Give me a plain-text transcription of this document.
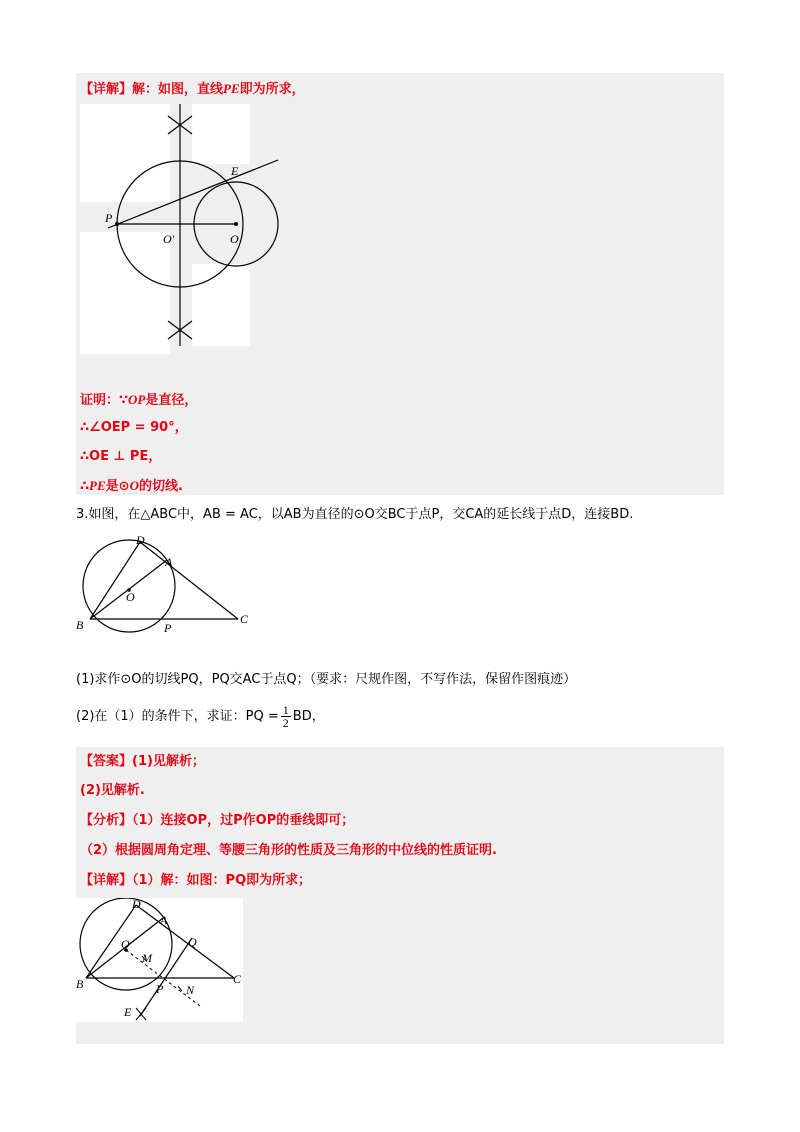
【详解】解：如图，直线PE即为所求，
P
E
O'	O
证明：∵OP是直径，
∴∠OEP = 90°，
∴OE ⊥ PE，
∴PE是⊙O的切线.
3.如图，在△ABC中，AB = AC，以AB为直径的⊙O交BC于点P，交CA的延长线于点D，连接BD.
D
A
O
B	P
C
(1)求作⊙O的切线PQ，PQ交AC于点Q；（要求：尺规作图，不写作法，保留作图痕迹）
(2)在（1）的条件下，求证：PQ = $\frac{1}{2}$ BD，
【答案】(1)见解析；
(2)见解析.
【分析】（1）连接OP，过P作OP的垂线即可；
（2）根据圆周角定理、等腰三角形的性质及三角形的中位线的性质证明.
【详解】（1）解：如图：PQ即为所求；
D
A
O	Q
M
B	C
P N
E
